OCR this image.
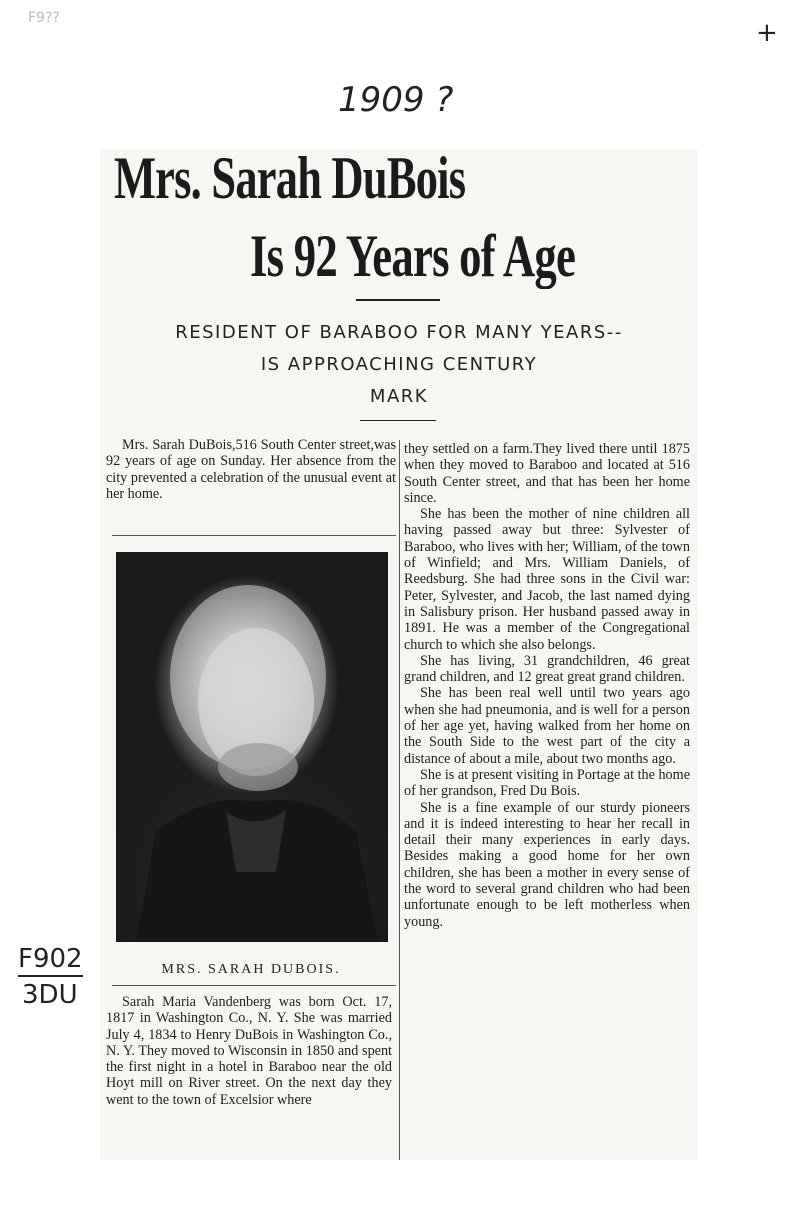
F9??	+
1909 ?
Mrs. Sarah DuBois
Is 92 Years of Age
RESIDENT OF BARABOO FOR MANY YEARS--
IS APPROACHING CENTURY
MARK

Mrs. Sarah DuBois,516 South Center street,was 92 years of age on Sunday. Her absence from the city prevented a celebration of the unusual event at her home.

MRS. SARAH DUBOIS.

Sarah Maria Vandenberg was born Oct. 17, 1817 in Washington Co., N. Y. She was married July 4, 1834 to Henry DuBois in Washington Co., N. Y. They moved to Wisconsin in 1850 and spent the first night in a hotel in Baraboo near the old Hoyt mill on River street. On the next day they went to the town of Excelsior where

they settled on a farm.They lived there until 1875 when they moved to Baraboo and located at 516 South Center street, and that has been her home since.

She has been the mother of nine children all having passed away but three: Sylvester of Baraboo, who lives with her; William, of the town of Winfield; and Mrs. William Daniels, of Reedsburg. She had three sons in the Civil war: Peter, Sylvester, and Jacob, the last named dying in Salisbury prison. Her husband passed away in 1891. He was a member of the Congregational church to which she also belongs.

She has living, 31 grandchildren, 46 great grand children, and 12 great great grand children.

She has been real well until two years ago when she had pneumonia, and is well for a person of her age yet, having walked from her home on the South Side to the west part of the city a distance of about a mile, about two months ago.

She is at present visiting in Portage at the home of her grandson, Fred Du Bois.

She is a fine example of our sturdy pioneers and it is indeed interesting to hear her recall in detail their many experiences in early days. Besides making a good home for her own children, she has been a mother in every sense of the word to several grand children who had been unfortunate enough to be left motherless when young.

F902
3DU
